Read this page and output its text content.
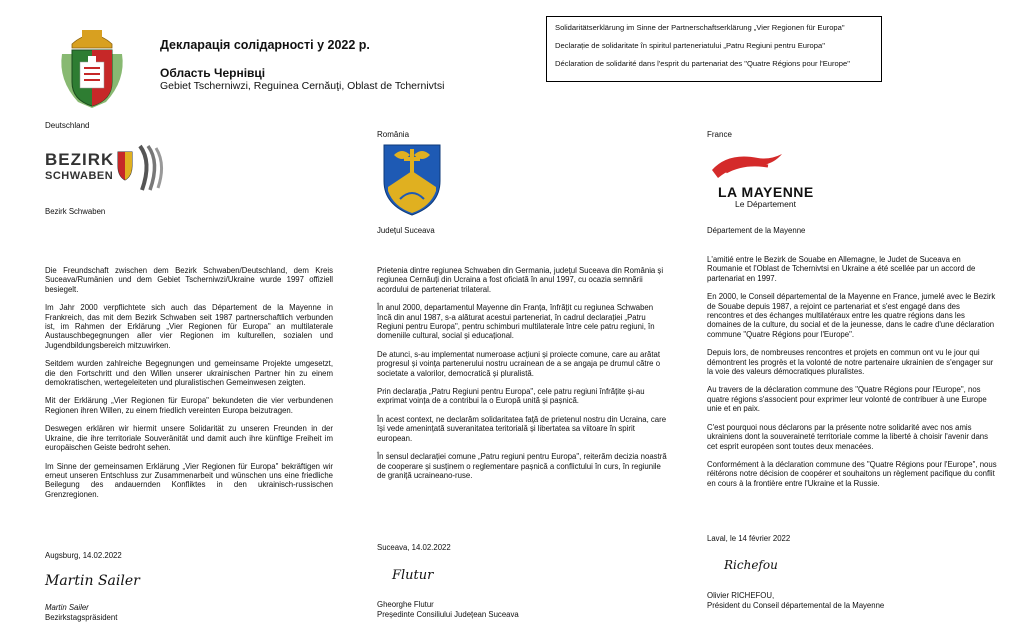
Декларація солідарності у 2022 р.
Область Чернівці
Gebiet Tscherniwzi, Reguinea Cernăuţi, Oblast de Tchernivtsi
Solidaritätserklärung im Sinne der Partnerschaftserklärung „Vier Regionen für Europa"
Declarație de solidaritate în spiritul parteneriatului „Patru Regiuni pentru Europa"
Déclaration de solidarité dans l'esprit du partenariat des "Quatre Régions pour l'Europe"
Deutschland
BEZIRK
SCHWABEN
Bezirk Schwaben

Die Freundschaft zwischen dem Bezirk Schwaben/Deutschland, dem Kreis Suceava/Rumänien und dem Gebiet Tscherniwzi/Ukraine wurde 1997 offiziell besiegelt.

Im Jahr 2000 verpflichtete sich auch das Département de la Mayenne in Frankreich, das mit dem Bezirk Schwaben seit 1987 partnerschaftlich verbunden ist, im Rahmen der Erklärung „Vier Regionen für Europa" an multilaterale Austauschbegegnungen aller vier Regionen im kulturellen, sozialen und Jugendbildungsbereich mitzuwirken.

Seitdem wurden zahlreiche Begegnungen und gemeinsame Projekte umgesetzt, die den Fortschritt und den Willen unserer ukrainischen Partner hin zu einem demokratischen, wertegeleiteten und pluralistischen Gemeinwesen zeigten.

Mit der Erklärung „Vier Regionen für Europa" bekundeten die vier verbundenen Regionen ihren Willen, zu einem friedlich vereinten Europa beizutragen.

Deswegen erklären wir hiermit unsere Solidarität zu unseren Freunden in der Ukraine, die ihre territoriale Souveränität und damit auch ihre künftige Freiheit im europäischen Geiste bedroht sehen.

Im Sinne der gemeinsamen Erklärung „Vier Regionen für Europa" bekräftigen wir erneut unseren Entschluss zur Zusammenarbeit und wünschen uns eine friedliche Beilegung des andauernden Konfliktes in den ukrainisch-russischen Grenzregionen.

Augsburg, 14.02.2022
Martin Sailer
Martin Sailer
Bezirkstagspräsident
România
Județul Suceava

Prietenia dintre regiunea Schwaben din Germania, județul Suceava din România și regiunea Cernăuți din Ucraina a fost oficiată în anul 1997, cu ocazia semnării acordului de parteneriat trilateral.

În anul 2000, departamentul Mayenne din Franța, înfrățit cu regiunea Schwaben încă din anul 1987, s-a alăturat acestui parteneriat, în cadrul declarației „Patru Regiuni pentru Europa", pentru schimburi multilaterale între cele patru regiuni, în domeniile cultural, social și educațional.

De atunci, s-au implementat numeroase acțiuni și proiecte comune, care au arătat progresul și voința partenerului nostru ucrainean de a se angaja pe drumul către o societate a valorilor, democratică și pluralistă.

Prin declarația „Patru Regiuni pentru Europa", cele patru regiuni înfrățite și-au exprimat voința de a contribui la o Europă unită și pașnică.

În acest context, ne declarăm solidaritatea față de prietenul nostru din Ucraina, care își vede amenințată suveranitatea teritorială și libertatea sa viitoare în spirit european.

În sensul declarației comune „Patru regiuni pentru Europa", reiterăm decizia noastră de cooperare și susținem o reglementare pașnică a conflictului în curs, în regiunile de graniță ucraineano-ruse.

Suceava, 14.02.2022
Flutur
Gheorghe Flutur
Președinte Consiliului Județean Suceava
France
LA MAYENNE
Le Département
Département de la Mayenne

L'amitié entre le Bezirk de Souabe en Allemagne, le Judet de Suceava en Roumanie et l'Oblast de Tchernivtsi en Ukraine a été scellée par un accord de partenariat en 1997.

En 2000, le Conseil départemental de la Mayenne en France, jumelé avec le Bezirk de Souabe depuis 1987, a rejoint ce partenariat et s'est engagé dans des rencontres et des échanges multilatéraux entre les quatre régions dans les domaines de la culture, du social et de la jeunesse, dans le cadre d'une déclaration commune "Quatre Régions pour l'Europe".

Depuis lors, de nombreuses rencontres et projets en commun ont vu le jour qui démontrent les progrès et la volonté de notre partenaire ukrainien de s'engager sur la voie des valeurs démocratiques pluralistes.

Au travers de la déclaration commune des "Quatre Régions pour l'Europe", nos quatre régions s'associent pour exprimer leur volonté de contribuer à une Europe unie et en paix.

C'est pourquoi nous déclarons par la présente notre solidarité avec nos amis ukrainiens dont la souveraineté territoriale comme la liberté à choisir l'avenir dans cet esprit européen sont toutes deux menacées.

Conformément à la déclaration commune des "Quatre Régions pour l'Europe", nous réitérons notre décision de coopérer et souhaitons un règlement pacifique du conflit en cours à la frontière entre l'Ukraine et la Russie.

Laval, le 14 février 2022
Richefou
Olivier RICHEFOU,
Président du Conseil départemental de la Mayenne
